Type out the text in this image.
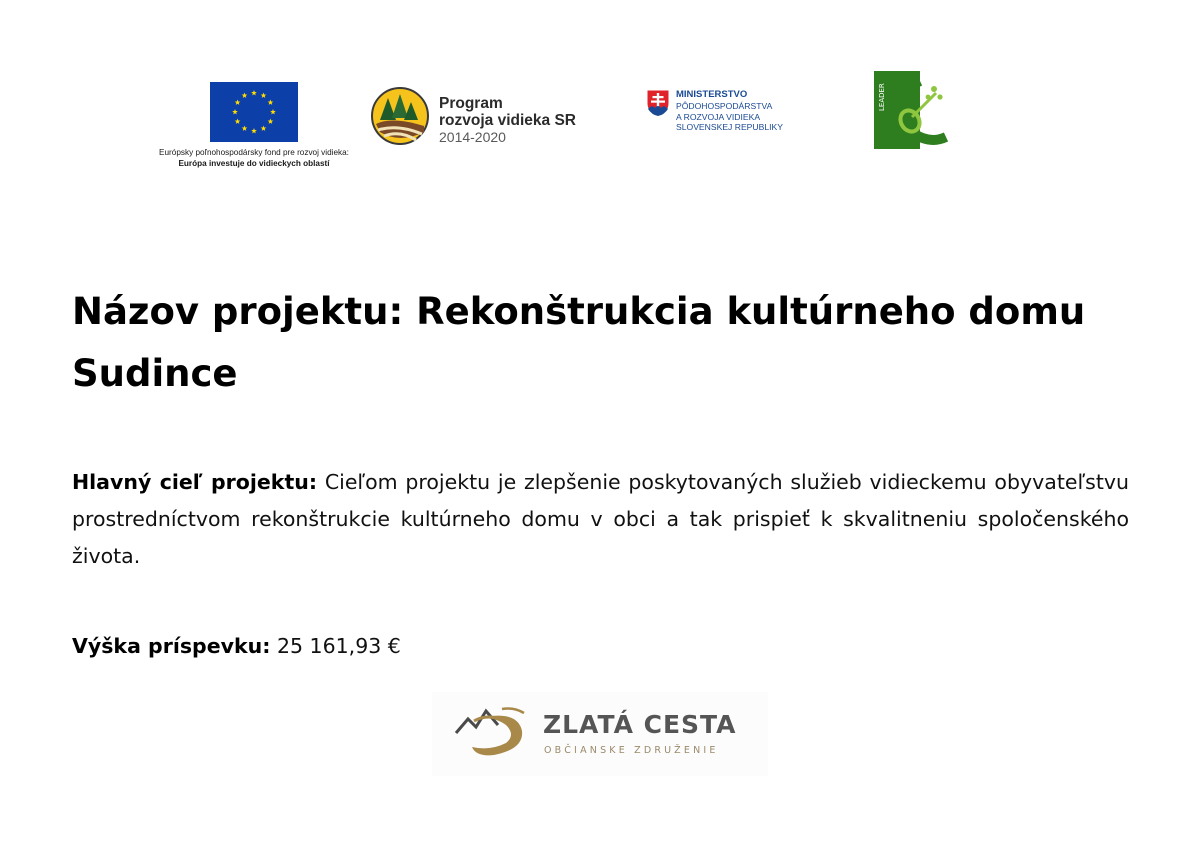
Európsky poľnohospodársky fond pre rozvoj vidieka:
Európa investuje do vidieckych oblastí
Program
rozvoja vidieka SR
2014-2020
MINISTERSTVO
PÔDOHOSPODÁRSTVA
A ROZVOJA VIDIEKA
SLOVENSKEJ REPUBLIKY
LEADER
Názov projektu: Rekonštrukcia kultúrneho domu Sudince
Hlavný cieľ projektu: Cieľom projektu je zlepšenie poskytovaných služieb vidieckemu obyvateľstvu prostredníctvom rekonštrukcie kultúrneho domu v obci a tak prispieť k skvalitneniu spoločenského života.
Výška príspevku: 25 161,93 €
ZLATÁ CESTA
OBČIANSKE ZDRUŽENIE
